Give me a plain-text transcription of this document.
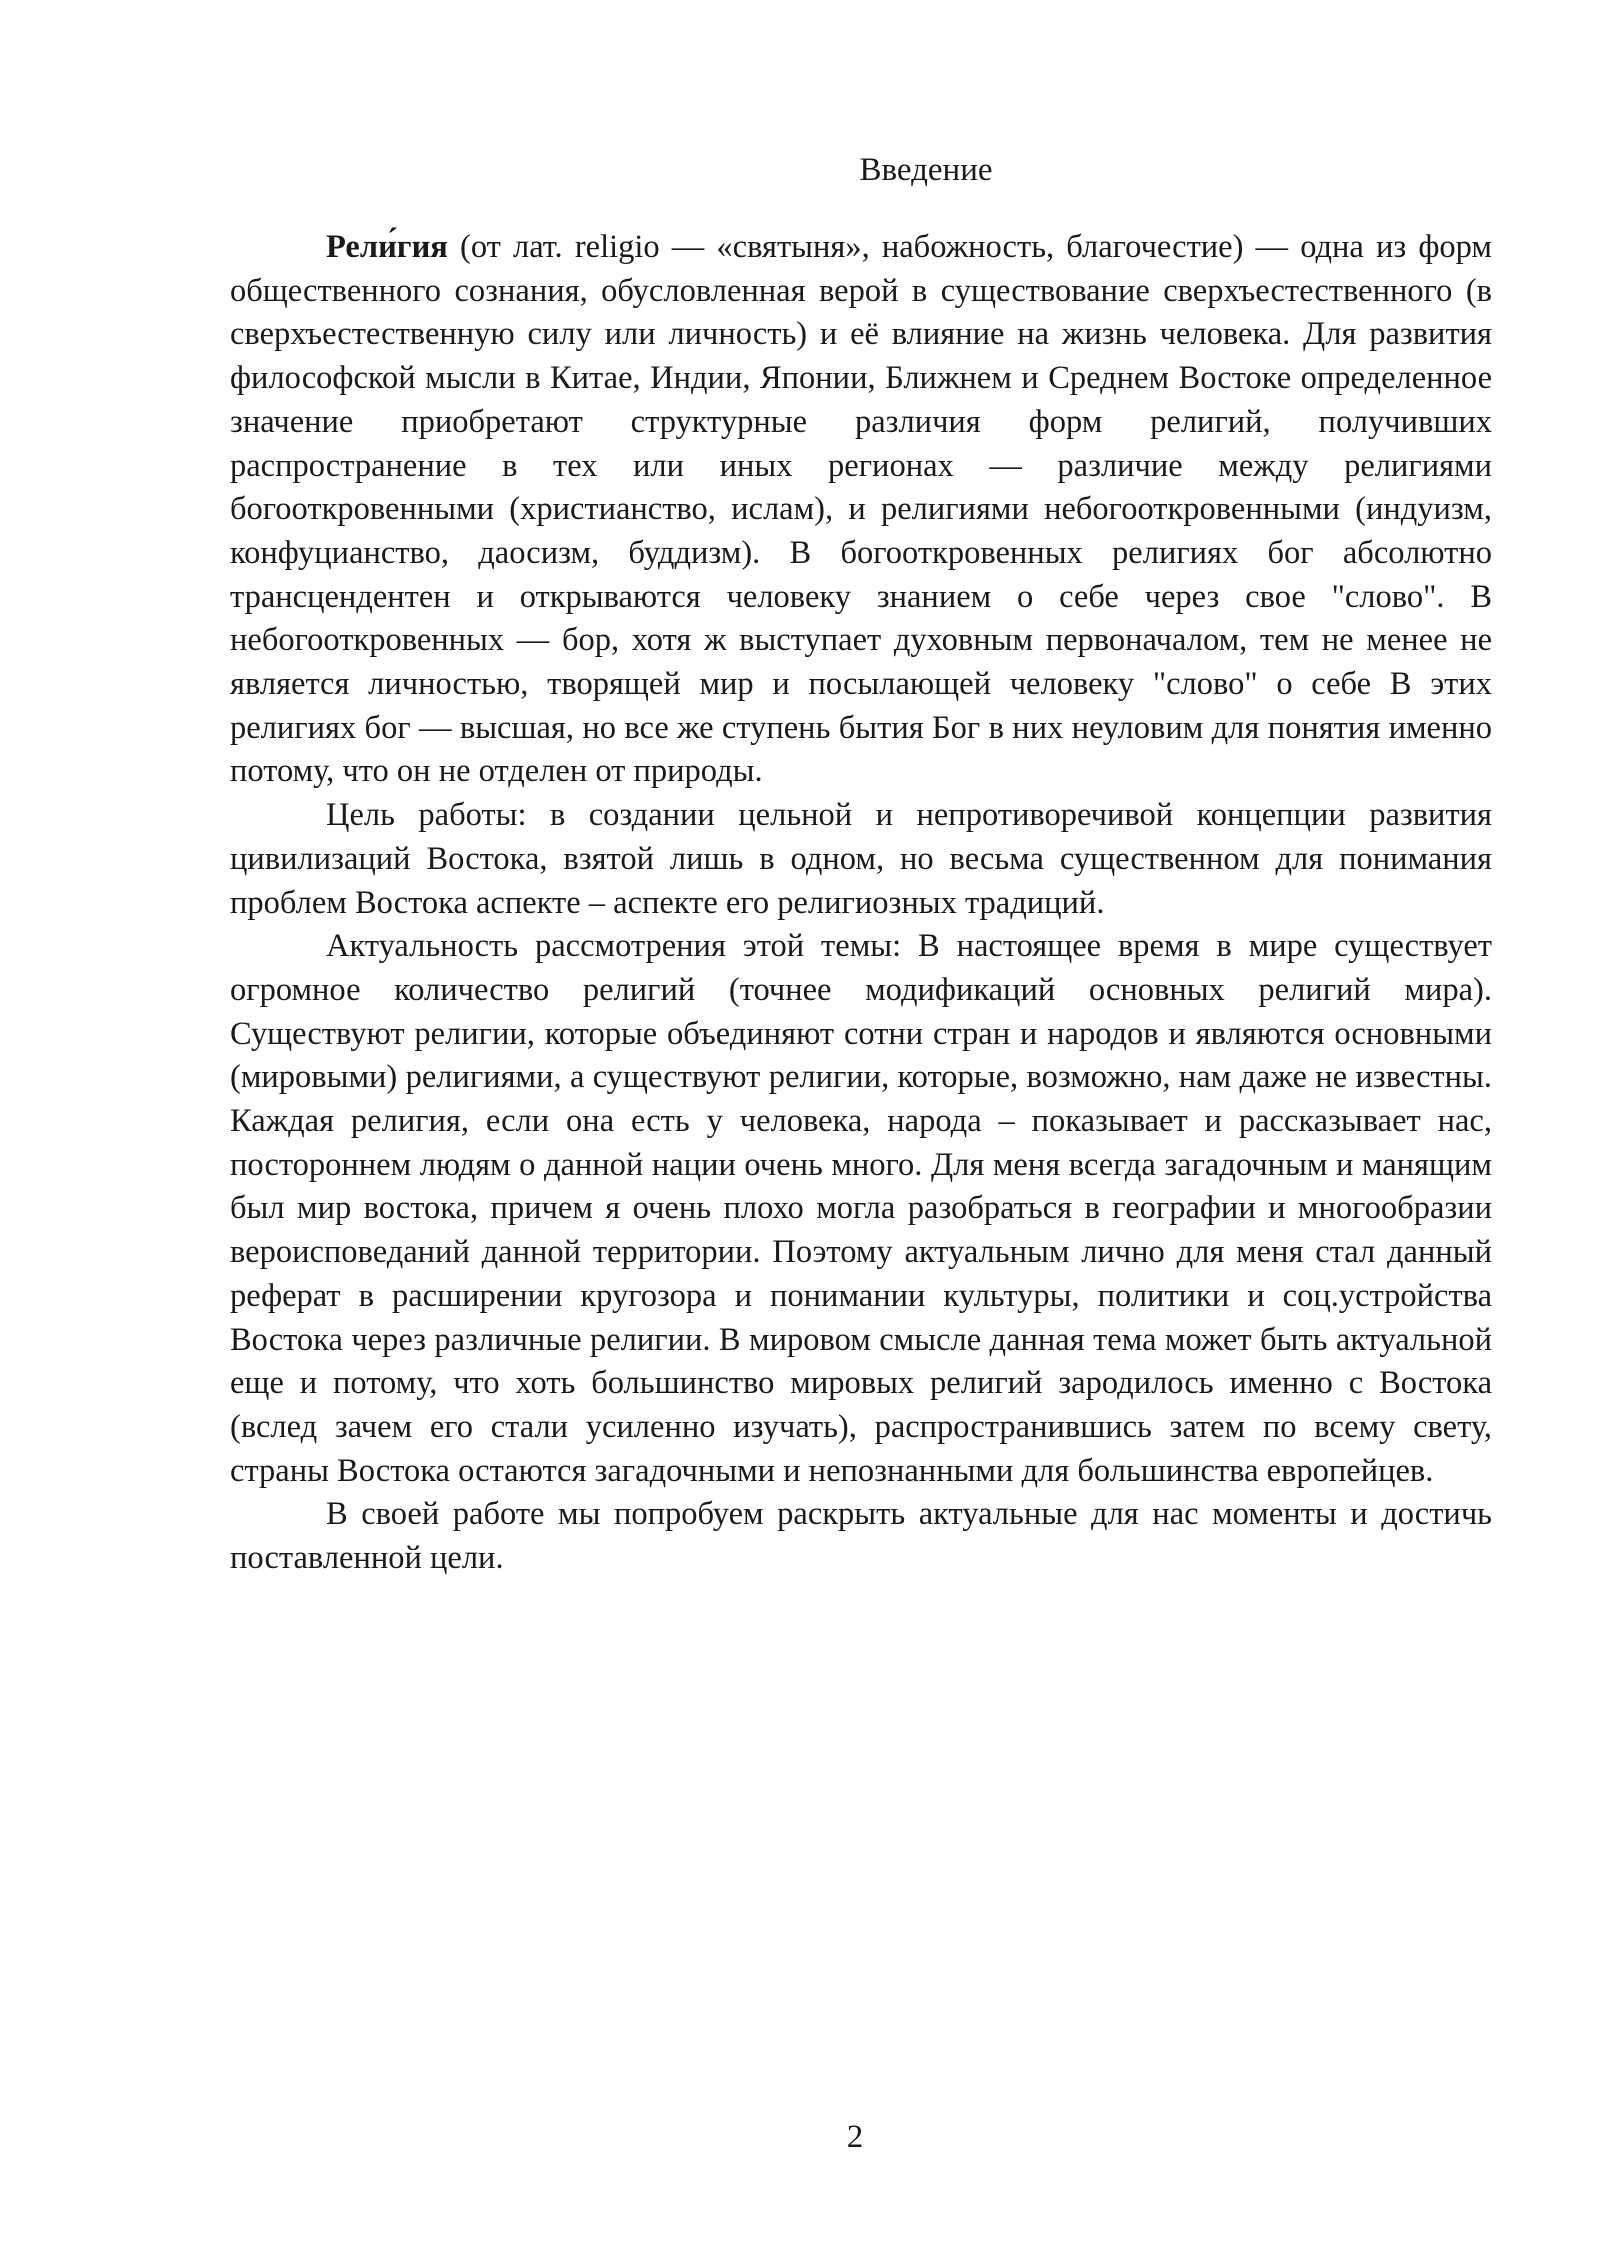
Введение

Рели́гия (от лат. religio — «святыня», набожность, благочестие) — одна из форм общественного сознания, обусловленная верой в существование сверхъестественного (в сверхъестественную силу или личность) и её влияние на жизнь человека. Для развития философской мысли в Китае, Индии, Японии, Ближнем и Среднем Востоке определенное значение приобретают структурные различия форм религий, получивших распространение в тех или иных регионах — различие между религиями богооткровенными (христианство, ислам), и религиями небогооткровенными (индуизм, конфуцианство, даосизм, буддизм). В богооткровенных религиях бог абсолютно трансцендентен и открываются человеку знанием о себе через свое "слово". В небогооткровенных — бор, хотя ж выступает духовным первоначалом, тем не менее не является личностью, творящей мир и посылающей человеку "слово" о себе В этих религиях бог — высшая, но все же ступень бытия Бог в них неуловим для понятия именно потому, что он не отделен от природы.

Цель работы: в создании цельной и непротиворечивой концепции развития цивилизаций Востока, взятой лишь в одном, но весьма существенном для понимания проблем Востока аспекте – аспекте его религиозных традиций.

Актуальность рассмотрения этой темы: В настоящее время в мире существует огромное количество религий (точнее модификаций основных религий мира). Существуют религии, которые объединяют сотни стран и народов и являются основными (мировыми) религиями, а существуют религии, которые, возможно, нам даже не известны. Каждая религия, если она есть у человека, народа – показывает и рассказывает нас, постороннем людям о данной нации очень много. Для меня всегда загадочным и манящим был мир востока, причем я очень плохо могла разобраться в географии и многообразии вероисповеданий данной территории. Поэтому актуальным лично для меня стал данный реферат в расширении кругозора и понимании культуры, политики и соц.устройства Востока через различные религии. В мировом смысле данная тема может быть актуальной еще и потому, что хоть большинство мировых религий зародилось именно с Востока (вслед зачем его стали усиленно изучать), распространившись затем по всему свету, страны Востока остаются загадочными и непознанными для большинства европейцев.

В своей работе мы попробуем раскрыть актуальные для нас моменты и достичь поставленной цели.

2
